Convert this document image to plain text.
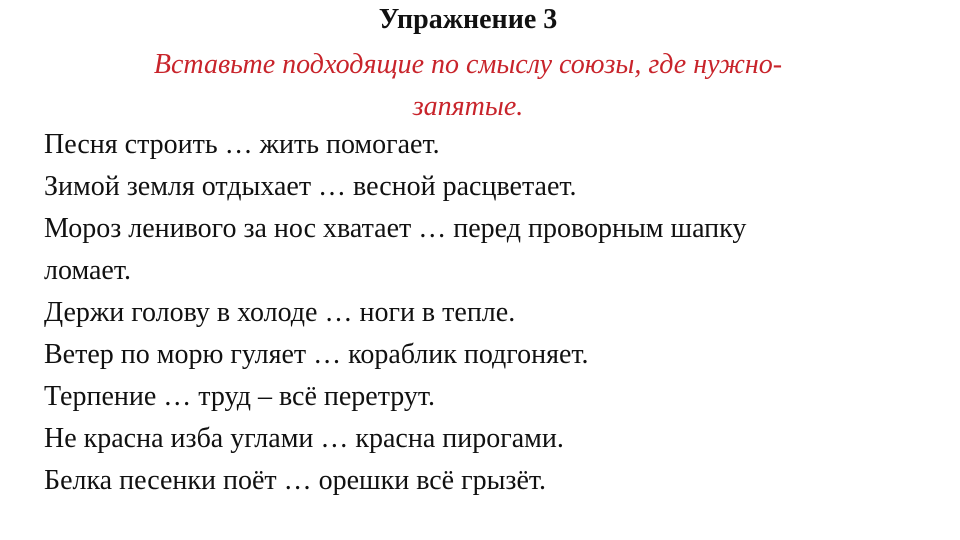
Упражнение 3

Вставьте подходящие по смыслу союзы, где нужно-
запятые.

Песня строить … жить помогает.
Зимой земля отдыхает … весной расцветает.
Мороз ленивого за нос хватает … перед проворным шапку
ломает.
Держи голову в холоде … ноги в тепле.
Ветер по морю гуляет … кораблик подгоняет.
Терпение … труд – всё перетрут.
Не красна изба углами … красна пирогами.
Белка песенки поёт … орешки всё грызёт.
